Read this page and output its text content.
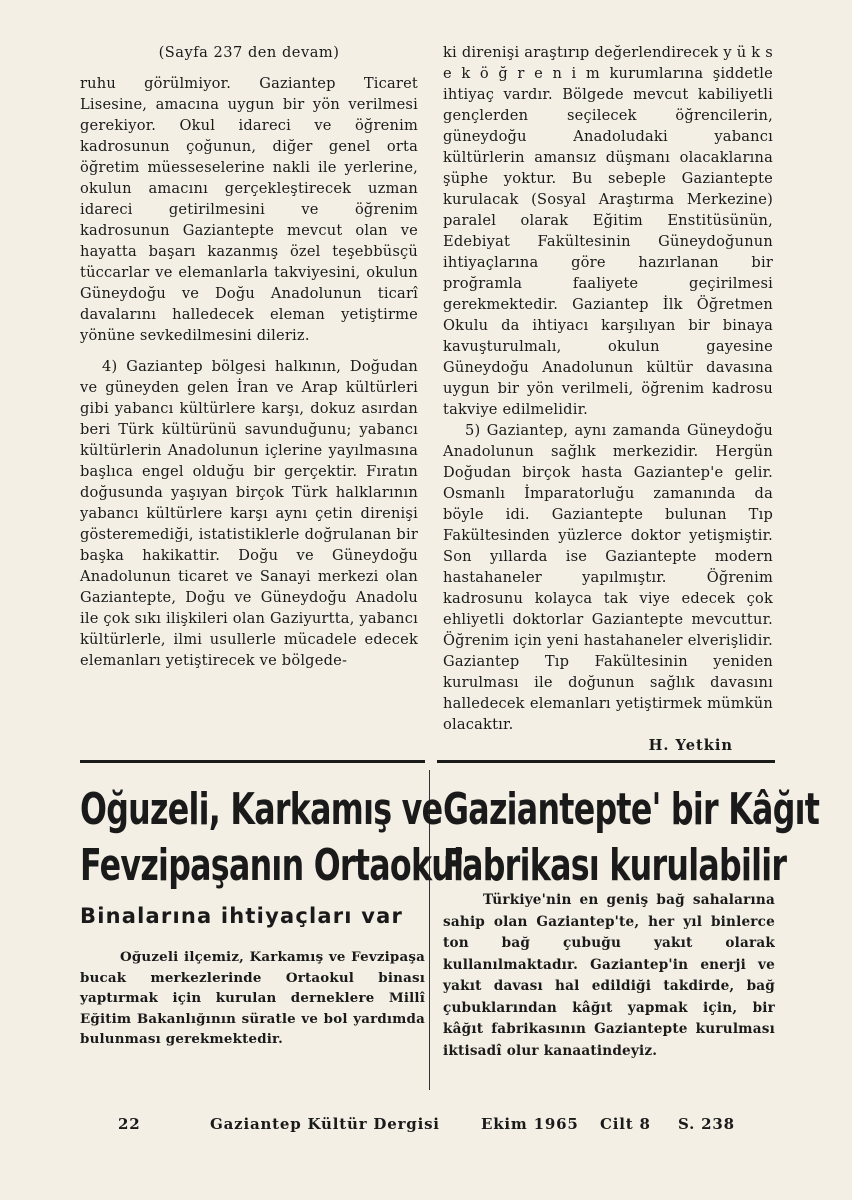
(Sayfa 237 den devam)

ruhu görülmiyor. Gaziantep Ticaret Lisesine, amacına uygun bir yön verilmesi gerekiyor. Okul idareci ve öğrenim kadrosunun çoğunun, diğer genel orta öğretim müesseselerine nakli ile yerlerine, okulun amacını gerçekleştirecek uzman idareci getirilmesini ve öğrenim kadrosunun Gaziantepte mevcut olan ve hayatta başarı kazanmış özel teşebbüsçü tüccarlar ve elemanlarla takviyesini, okulun Güneydoğu ve Doğu Anadolunun ticarî davalarını halledecek eleman yetiştirme yönüne sevkedilmesini dileriz.

4) Gaziantep bölgesi halkının, Doğudan ve güneyden gelen İran ve Arap kültürleri gibi yabancı kültürlere karşı, dokuz asırdan beri Türk kültürünü savunduğunu; yabancı kültürlerin Anadolunun içlerine yayılmasına başlıca engel olduğu bir gerçektir. Fıratın doğusunda yaşıyan birçok Türk halklarının yabancı kültürlere karşı aynı çetin direnişi gösteremediği, istatistiklerle doğrulanan bir başka hakikattir. Doğu ve Güneydoğu Anadolunun ticaret ve Sanayi merkezi olan Gaziantepte, Doğu ve Güneydoğu Anadolu ile çok sıkı ilişkileri olan Gaziyurtta, yabancı kültürlerle, ilmi usullerle mücadele edecek elemanları yetiştirecek ve bölgede-

ki direnişi araştırıp değerlendirecek y ü k s e k ö ğ r e n i m kurumlarına şiddetle ihtiyaç vardır. Bölgede mevcut kabiliyetli gençlerden seçilecek öğrencilerin, güneydoğu Anadoludaki yabancı kültürlerin amansız düşmanı olacaklarına şüphe yoktur. Bu sebeple Gaziantepte kurulacak (Sosyal Araştırma Merkezine) paralel olarak Eğitim Enstitüsünün, Edebiyat Fakültesinin Güneydoğunun ihtiyaçlarına göre hazırlanan bir proğramla faaliyete geçirilmesi gerekmektedir. Gaziantep İlk Öğretmen Okulu da ihtiyacı karşılıyan bir binaya kavuşturulmalı, okulun gayesine Güneydoğu Anadolunun kültür davasına uygun bir yön verilmeli, öğrenim kadrosu takviye edilmelidir.

5) Gaziantep, aynı zamanda Güneydoğu Anadolunun sağlık merkezidir. Hergün Doğudan birçok hasta Gaziantep'e gelir. Osmanlı İmparatorluğu zamanında da böyle idi. Gaziantepte bulunan Tıp Fakültesinden yüzlerce doktor yetişmiştir. Son yıllarda ise Gaziantepte modern hastahaneler yapılmıştır. Öğrenim kadrosunu kolayca tak viye edecek çok ehliyetli doktorlar Gaziantepte mevcuttur. Öğrenim için yeni hastahaneler elverişlidir. Gaziantep Tıp Fakültesinin yeniden kurulması ile doğunun sağlık davasını halledecek elemanları yetiştirmek mümkün olacaktır.

H. Yetkin
Oğuzeli, Karkamış ve
Fevzipaşanın Ortaokul
Binalarına ihtiyaçları var

Oğuzeli ilçemiz, Karkamış ve Fevzipaşa bucak merkezlerinde Ortaokul binası yaptırmak için kurulan derneklere Millî Eğitim Bakanlığının süratle ve bol yardımda bulunması gerekmektedir.

Gaziantepte' bir Kâğıt
Fabrikası kurulabilir

Türkiye'nin en geniş bağ sahalarına sahip olan Gaziantep'te, her yıl binlerce ton bağ çubuğu yakıt olarak kullanılmaktadır. Gaziantep'in enerji ve yakıt davası hal edildiği takdirde, bağ çubuklarından kâğıt yapmak için, bir kâğıt fabrikasının Gaziantepte kurulması iktisadî olur kanaatindeyiz.

22	Gaziantep Kültür Dergisi	Ekim 1965 Cilt 8 S. 238
